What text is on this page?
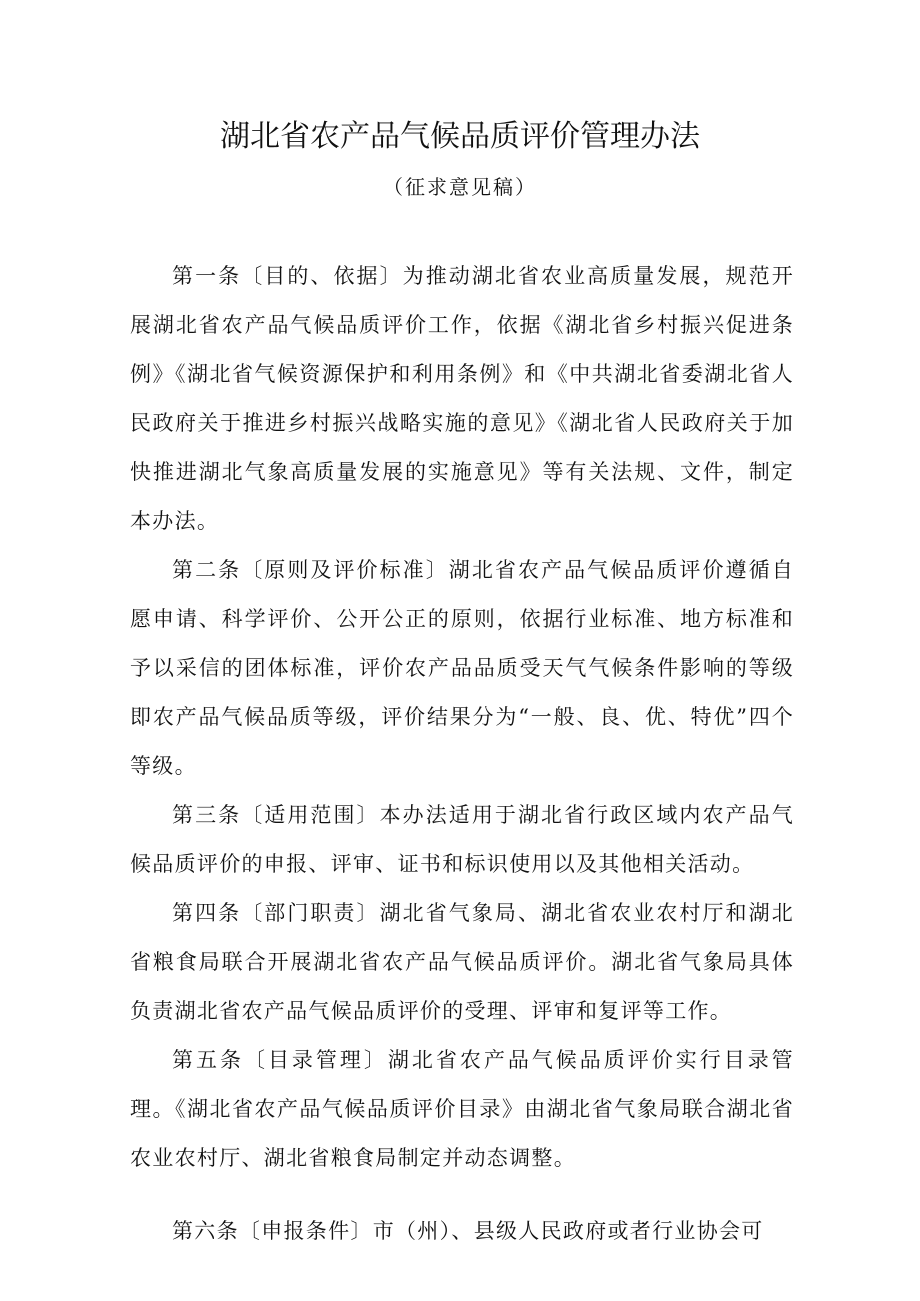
湖北省农产品气候品质评价管理办法
（征求意见稿）

第一条〔目的、依据〕为推动湖北省农业高质量发展，规范开展湖北省农产品气候品质评价工作，依据《湖北省乡村振兴促进条例》《湖北省气候资源保护和利用条例》和《中共湖北省委湖北省人民政府关于推进乡村振兴战略实施的意见》《湖北省人民政府关于加快推进湖北气象高质量发展的实施意见》等有关法规、文件，制定本办法。

第二条〔原则及评价标准〕湖北省农产品气候品质评价遵循自愿申请、科学评价、公开公正的原则，依据行业标准、地方标准和予以采信的团体标准，评价农产品品质受天气气候条件影响的等级即农产品气候品质等级，评价结果分为“一般、良、优、特优”四个等级。

第三条〔适用范围〕本办法适用于湖北省行政区域内农产品气候品质评价的申报、评审、证书和标识使用以及其他相关活动。

第四条〔部门职责〕湖北省气象局、湖北省农业农村厅和湖北省粮食局联合开展湖北省农产品气候品质评价。湖北省气象局具体负责湖北省农产品气候品质评价的受理、评审和复评等工作。

第五条〔目录管理〕湖北省农产品气候品质评价实行目录管理。《湖北省农产品气候品质评价目录》由湖北省气象局联合湖北省农业农村厅、湖北省粮食局制定并动态调整。

第六条〔申报条件〕市（州）、县级人民政府或者行业协会可
